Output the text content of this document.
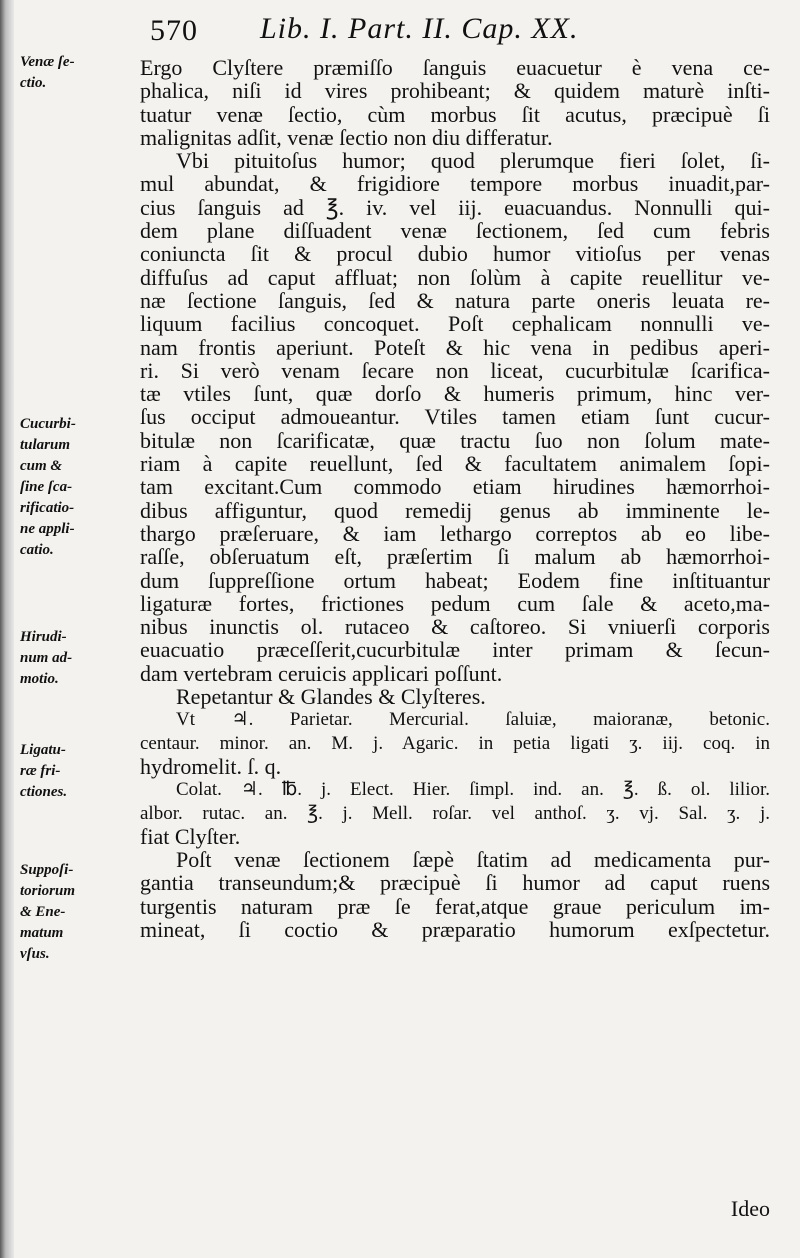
570 Lib. I. Part. II. Cap. XX.
Venæ ſe-
ctio.
Cucurbi-
tularum
cum &
ſine ſca-
rificatio-
ne appli-
catio.
Hirudi-
num ad-
motio.
Ligatu-
ræ fri-
ctiones.
Suppoſi-
toriorum
& Ene-
matum
vſus.
Ergo Clyſtere præmiſſo ſanguis euacuetur è vena ce-
phalica, niſi id vires prohibeant; & quidem maturè inſti-
tuatur venæ ſectio, cùm morbus ſit acutus, præcipuè ſi
malignitas adſit, venæ ſectio non diu differatur.
Vbi pituitoſus humor; quod plerumque fieri ſolet, ſi-
mul abundat, & frigidiore tempore morbus inuadit,par-
cius ſanguis ad ℥. iv. vel iij. euacuandus. Nonnulli qui-
dem plane diſſuadent venæ ſectionem, ſed cum febris
coniuncta ſit & procul dubio humor vitioſus per venas
diffuſus ad caput affluat; non ſolùm à capite reuellitur ve-
næ ſectione ſanguis, ſed & natura parte oneris leuata re-
liquum facilius concoquet. Poſt cephalicam nonnulli ve-
nam frontis aperiunt. Poteſt & hic vena in pedibus aperi-
ri. Si verò venam ſecare non liceat, cucurbitulæ ſcarifica-
tæ vtiles ſunt, quæ dorſo & humeris primum, hinc ver-
ſus occiput admoueantur. Vtiles tamen etiam ſunt cucur-
bitulæ non ſcarificatæ, quæ tractu ſuo non ſolum mate-
riam à capite reuellunt, ſed & facultatem animalem ſopi-
tam excitant.Cum commodo etiam hirudines hæmorrhoi-
dibus affiguntur, quod remedij genus ab imminente le-
thargo præſeruare, & iam lethargo correptos ab eo libe-
raſſe, obſeruatum eſt, præſertim ſi malum ab hæmorrhoi-
dum ſuppreſſione ortum habeat; Eodem fine inſtituantur
ligaturæ fortes, frictiones pedum cum ſale & aceto,ma-
nibus inunctis ol. rutaceo & caſtoreo. Si vniuerſi corporis
euacuatio præceſſerit,cucurbitulæ inter primam & ſecun-
dam vertebram ceruicis applicari poſſunt.
Repetantur & Glandes & Clyſteres.
Vt ♃. Parietar. Mercurial. ſaluiæ, maioranæ, betonic.
centaur. minor. an. M. j. Agaric. in petia ligati ʒ. iij. coq. in
hydromelit. ſ. q.
Colat. ♃. ℔. j. Elect. Hier. ſimpl. ind. an. ℥. ß. ol. lilior.
albor. rutac. an. ℥. j. Mell. roſar. vel anthoſ. ʒ. vj. Sal. ʒ. j.
fiat Clyſter.
Poſt venæ ſectionem ſæpè ſtatim ad medicamenta pur-
gantia transeundum;& præcipuè ſi humor ad caput ruens
turgentis naturam præ ſe ferat,atque graue periculum im-
mineat, ſi coctio & præparatio humorum exſpectetur.
Ideo
